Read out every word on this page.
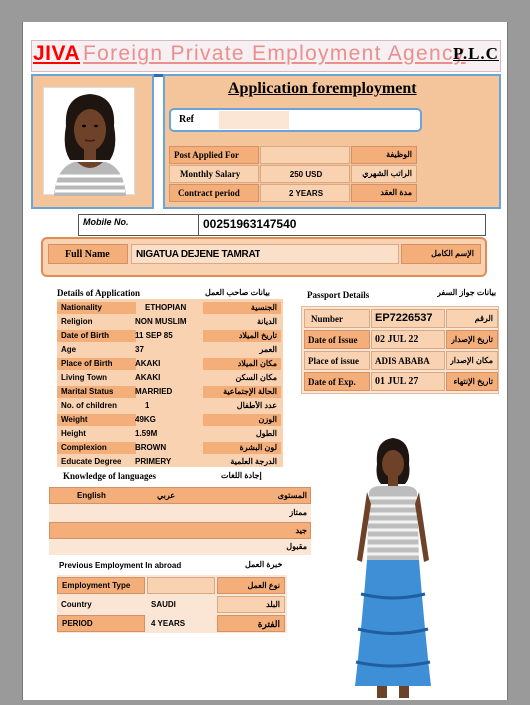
JIVA Foreign Private Employment Agency
P.L.C
Application foremployment
Ref
Post Applied For	الوظيفة
Monthly Salary	250 USD	الراتب الشهري
Contract period	2 YEARS	مدة العقد
Mobile No.	00251963147540
Full Name	NIGATUA DEJENE TAMRAT	الإسم الكامل
Details of Application	بيانات صاحب العمل
Nationality	ETHOPIAN	الجنسية
Religion	NON MUSLIM	الديانة
Date of Birth	11 SEP 85	تاريخ الميلاد
Age	37	العمر
Place of Birth	AKAKI	مكان الميلاد
Living Town	AKAKI	مكان السكن
Marital Status	MARRIED	الحالة الإجتماعية
No. of children	1	عدد الأطفال
Weight	49KG	الوزن
Height	1.59M	الطول
Complexion	BROWN	لون البشرة
Educate Degree PRIMERY	الدرجة العلمية
Passport Details	بيانات جواز السفر
Number	EP7226537	الرقم
Date of Issue 02 JUL 22	تاريخ الإصدار
Place of issue ADIS ABABA	مكان الإصدار
Date of Exp. 01 JUL 27	تاريخ الإنتهاء
Knowledge of languages	إجادة اللغات
English	عربي	المستوى
ممتاز
جيد
مقبول
Previous Employment In abroad	خبرة العمل
Employment Type	نوع العمل
Country	SAUDI	البلد
PERIOD	4 YEARS	الفترة
